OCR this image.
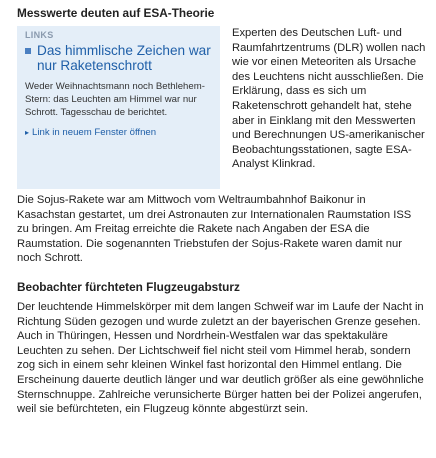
Messwerte deuten auf ESA-Theorie
LINKS
Das himmlische Zeichen war nur Raketenschrott
Weder Weihnachtsmann noch Bethlehem-Stern: das Leuchten am Himmel war nur Schrott. Tagesschau de berichtet.
▸ Link in neuem Fenster öffnen

Experten des Deutschen Luft- und Raumfahrtzentrums (DLR) wollen nach wie vor einen Meteoriten als Ursache des Leuchtens nicht ausschließen. Die Erklärung, dass es sich um Raketenschrott gehandelt hat, stehe aber in Einklang mit den Messwerten und Berechnungen US-amerikanischer Beobachtungsstationen, sagte ESA-Analyst Klinkrad.

Die Sojus-Rakete war am Mittwoch vom Weltraumbahnhof Baikonur in Kasachstan gestartet, um drei Astronauten zur Internationalen Raumstation ISS zu bringen. Am Freitag erreichte die Rakete nach Angaben der ESA die Raumstation. Die sogenannten Triebstufen der Sojus-Rakete waren damit nur noch Schrott.

Beobachter fürchteten Flugzeugabsturz

Der leuchtende Himmelskörper mit dem langen Schweif war im Laufe der Nacht in Richtung Süden gezogen und wurde zuletzt an der bayerischen Grenze gesehen. Auch in Thüringen, Hessen und Nordrhein-Westfalen war das spektakuläre Leuchten zu sehen. Der Lichtschweif fiel nicht steil vom Himmel herab, sondern zog sich in einem sehr kleinen Winkel fast horizontal den Himmel entlang. Die Erscheinung dauerte deutlich länger und war deutlich größer als eine gewöhnliche Sternschnuppe. Zahlreiche verunsicherte Bürger hatten bei der Polizei angerufen, weil sie befürchteten, ein Flugzeug könnte abgestürzt sein.
